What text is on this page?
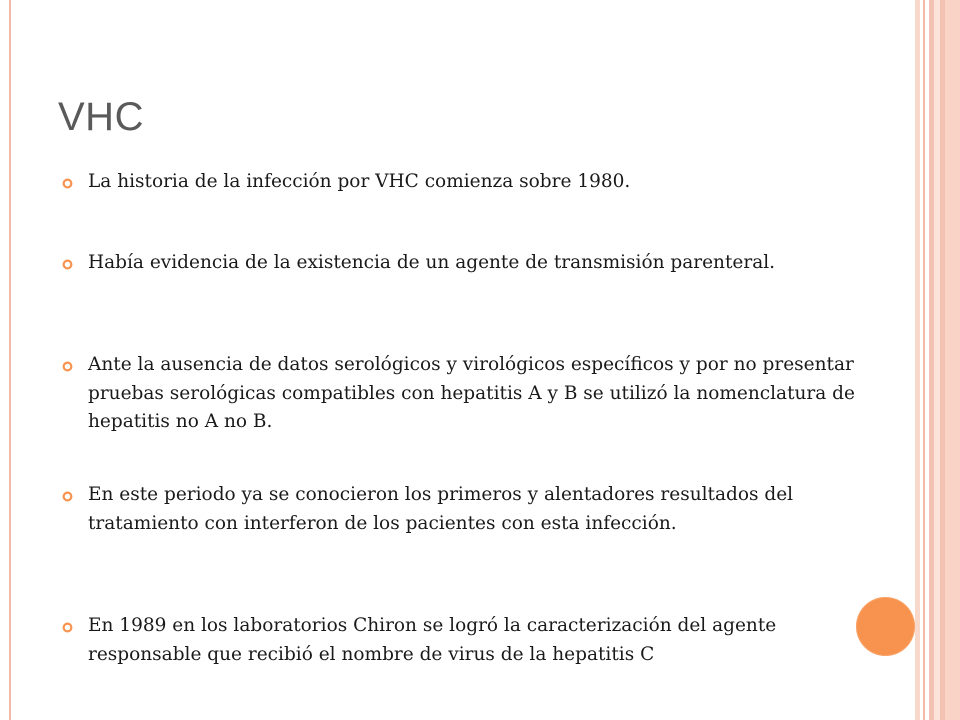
VHC
La historia de la infección por VHC comienza sobre 1980.
Había evidencia de la existencia de un agente de transmisión parenteral.
Ante la ausencia de datos serológicos y virológicos específicos y por no presentar pruebas serológicas compatibles con hepatitis A y B se utilizó la nomenclatura de hepatitis no A no B.
En este periodo ya se conocieron los primeros y alentadores resultados del tratamiento con interferon de los pacientes con esta infección.
En 1989 en los laboratorios Chiron se logró la caracterización del agente responsable que recibió el nombre de virus de la hepatitis C
